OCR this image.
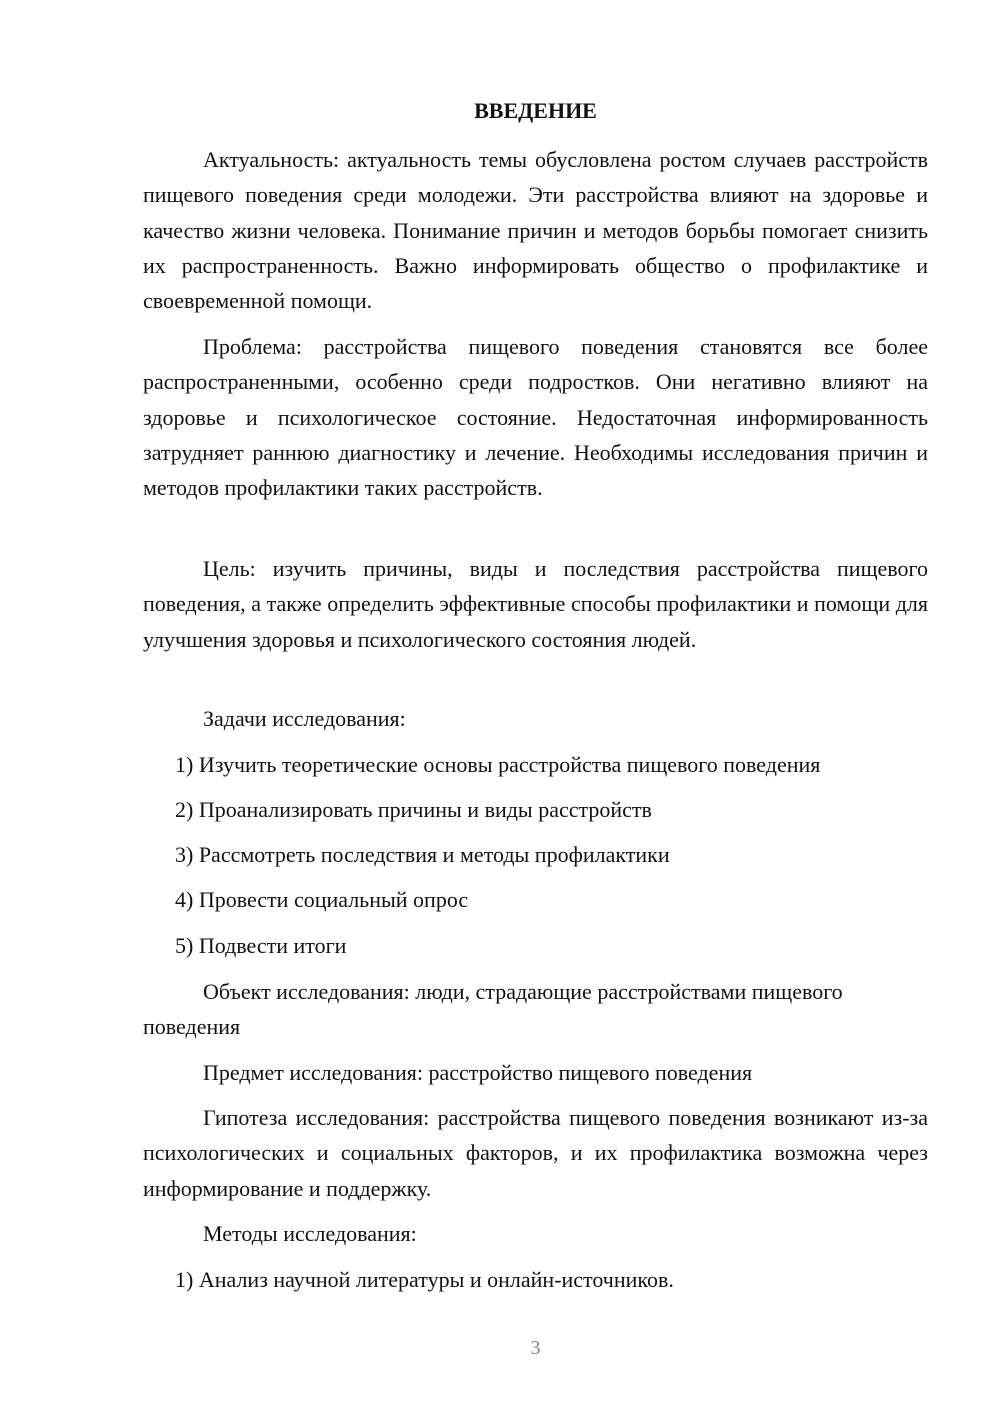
ВВЕДЕНИЕ

Актуальность: актуальность темы обусловлена ростом случаев расстройств пищевого поведения среди молодежи. Эти расстройства влияют на здоровье и качество жизни человека. Понимание причин и методов борьбы помогает снизить их распространенность. Важно информировать общество о профилактике и своевременной помощи.

Проблема: расстройства пищевого поведения становятся все более распространенными, особенно среди подростков. Они негативно влияют на здоровье и психологическое состояние. Недостаточная информированность затрудняет раннюю диагностику и лечение. Необходимы исследования причин и методов профилактики таких расстройств.

Цель: изучить причины, виды и последствия расстройства пищевого поведения, а также определить эффективные способы профилактики и помощи для улучшения здоровья и психологического состояния людей.

Задачи исследования:

1) Изучить теоретические основы расстройства пищевого поведения

2) Проанализировать причины и виды расстройств

3) Рассмотреть последствия и методы профилактики

4) Провести социальный опрос

5) Подвести итоги

Объект исследования: люди, страдающие расстройствами пищевого поведения

Предмет исследования: расстройство пищевого поведения

Гипотеза исследования: расстройства пищевого поведения возникают из-за психологических и социальных факторов, и их профилактика возможна через информирование и поддержку.

Методы исследования:

1) Анализ научной литературы и онлайн-источников.

3
